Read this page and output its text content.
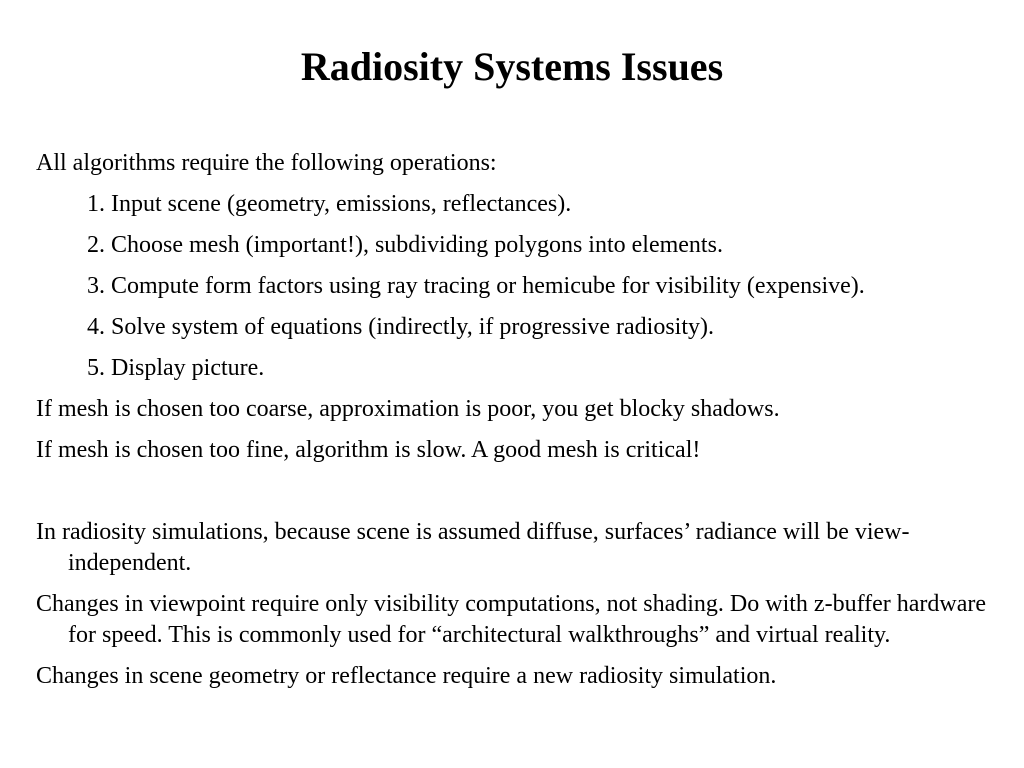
Radiosity Systems Issues

All algorithms require the following operations:

1. Input scene (geometry, emissions, reflectances).

2. Choose mesh (important!), subdividing polygons into elements.

3. Compute form factors using ray tracing or hemicube for visibility (expensive).

4. Solve system of equations (indirectly, if progressive radiosity).

5. Display picture.

If mesh is chosen too coarse, approximation is poor, you get blocky shadows.

If mesh is chosen too fine, algorithm is slow. A good mesh is critical!

In radiosity simulations, because scene is assumed diffuse, surfaces’ radiance will be view-independent.

Changes in viewpoint require only visibility computations, not shading. Do with z-buffer hardware for speed. This is commonly used for “architectural walkthroughs” and virtual reality.

Changes in scene geometry or reflectance require a new radiosity simulation.
